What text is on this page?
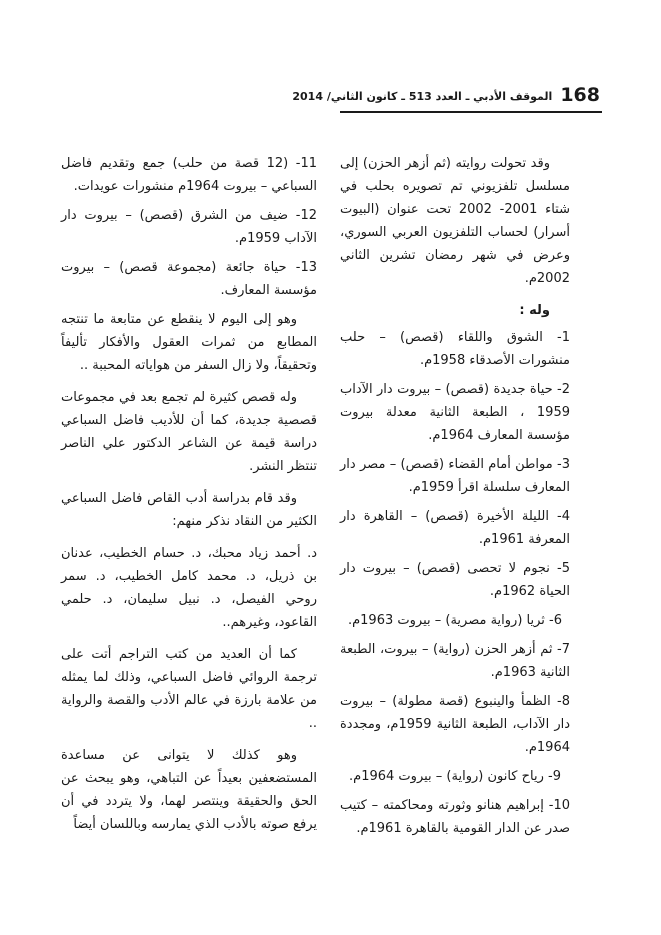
168
الموقف الأدبي ـ العدد 513 ـ كانون الثاني/ 2014

وقد تحولت روايته (ثم أزهر الحزن) إلى مسلسل تلفزيوني تم تصويره بحلب في شتاء 2001- 2002 تحت عنوان (البيوت أسرار) لحساب التلفزيون العربي السوري، وعرض في شهر رمضان تشرين الثاني 2002م.

وله :

1- الشوق واللقاء (قصص) – حلب منشورات الأصدقاء 1958م.

2- حياة جديدة (قصص) – بيروت دار الآداب 1959 ، الطبعة الثانية معدلة بيروت مؤسسة المعارف 1964م.

3- مواطن أمام القضاء (قصص) – مصر دار المعارف سلسلة اقرأ 1959م.

4- الليلة الأخيرة (قصص) – القاهرة دار المعرفة 1961م.

5- نجوم لا تحصى (قصص) – بيروت دار الحياة 1962م.

6- ثريا (رواية مصرية) – بيروت 1963م.

7- ثم أزهر الحزن (رواية) – بيروت، الطبعة الثانية 1963م.

8- الظمأ والينبوع (قصة مطولة) – بيروت دار الآداب، الطبعة الثانية 1959م، ومجددة 1964م.

9- رياح كانون (رواية) – بيروت 1964م.

10- إبراهيم هنانو وثورته ومحاكمته – كتيب صدر عن الدار القومية بالقاهرة 1961م.

11- (12 قصة من حلب) جمع وتقديم فاضل السباعي – بيروت 1964م منشورات عويدات.

12- ضيف من الشرق (قصص) – بيروت دار الآداب 1959م.

13- حياة جائعة (مجموعة قصص) – بيروت مؤسسة المعارف.

وهو إلى اليوم لا ينقطع عن متابعة ما تنتجه المطابع من ثمرات العقول والأفكار تأليفاً وتحقيقاً، ولا زال السفر من هواياته المحببة ..

وله قصص كثيرة لم تجمع بعد في مجموعات قصصية جديدة، كما أن للأديب فاضل السباعي دراسة قيمة عن الشاعر الدكتور علي الناصر تنتظر النشر.

وقد قام بدراسة أدب القاص فاضل السباعي الكثير من النقاد نذكر منهم:

د. أحمد زياد محبك، د. حسام الخطيب، عدنان بن ذريل، د. محمد كامل الخطيب، د. سمر روحي الفيصل، د. نبيل سليمان، د. حلمي القاعود، وغيرهم..

كما أن العديد من كتب التراجم أتت على ترجمة الروائي فاضل السباعي، وذلك لما يمثله من علامة بارزة في عالم الأدب والقصة والرواية ..

وهو كذلك لا يتوانى عن مساعدة المستضعفين بعيداً عن التباهي، وهو يبحث عن الحق والحقيقة وينتصر لهما، ولا يتردد في أن يرفع صوته بالأدب الذي يمارسه وباللسان أيضاً
